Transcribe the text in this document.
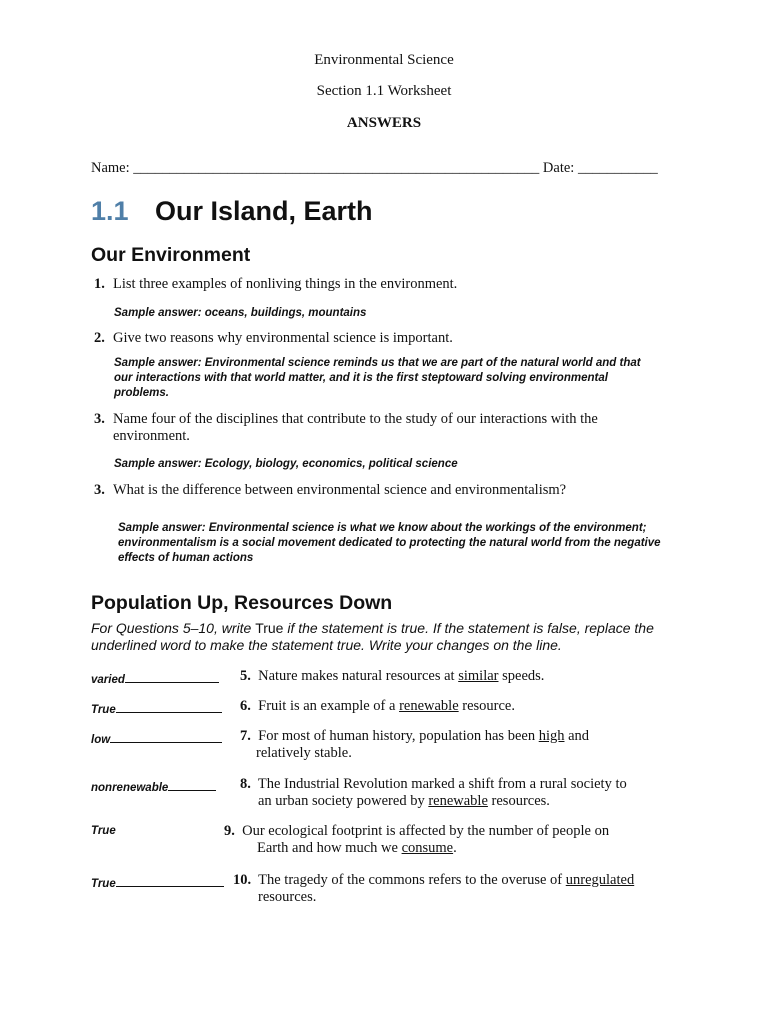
Environmental Science
Section 1.1 Worksheet
ANSWERS
Name: ________________________________________________________ Date: ___________
1.1 Our Island, Earth
Our Environment
1. List three examples of nonliving things in the environment.
Sample answer: oceans, buildings, mountains
2. Give two reasons why environmental science is important.
Sample answer: Environmental science reminds us that we are part of the natural world and that our interactions with that world matter, and it is the first steptoward solving environmental problems.
3. Name four of the disciplines that contribute to the study of our interactions with the environment.
Sample answer: Ecology, biology, economics, political science
3. What is the difference between environmental science and environmentalism?
Sample answer: Environmental science is what we know about the workings of the environment; environmentalism is a social movement dedicated to protecting the natural world from the negative effects of human actions
Population Up, Resources Down
For Questions 5–10, write True if the statement is true. If the statement is false, replace the underlined word to make the statement true. Write your changes on the line.
varied	5. Nature makes natural resources at similar speeds.
True	6. Fruit is an example of a renewable resource.
low	7. For most of human history, population has been high and
relatively stable.
nonrenewable	8. The Industrial Revolution marked a shift from a rural society to
an urban society powered by renewable resources.
True	9. Our ecological footprint is affected by the number of people on
Earth and how much we consume.
True	10. The tragedy of the commons refers to the overuse of unregulated
resources.
